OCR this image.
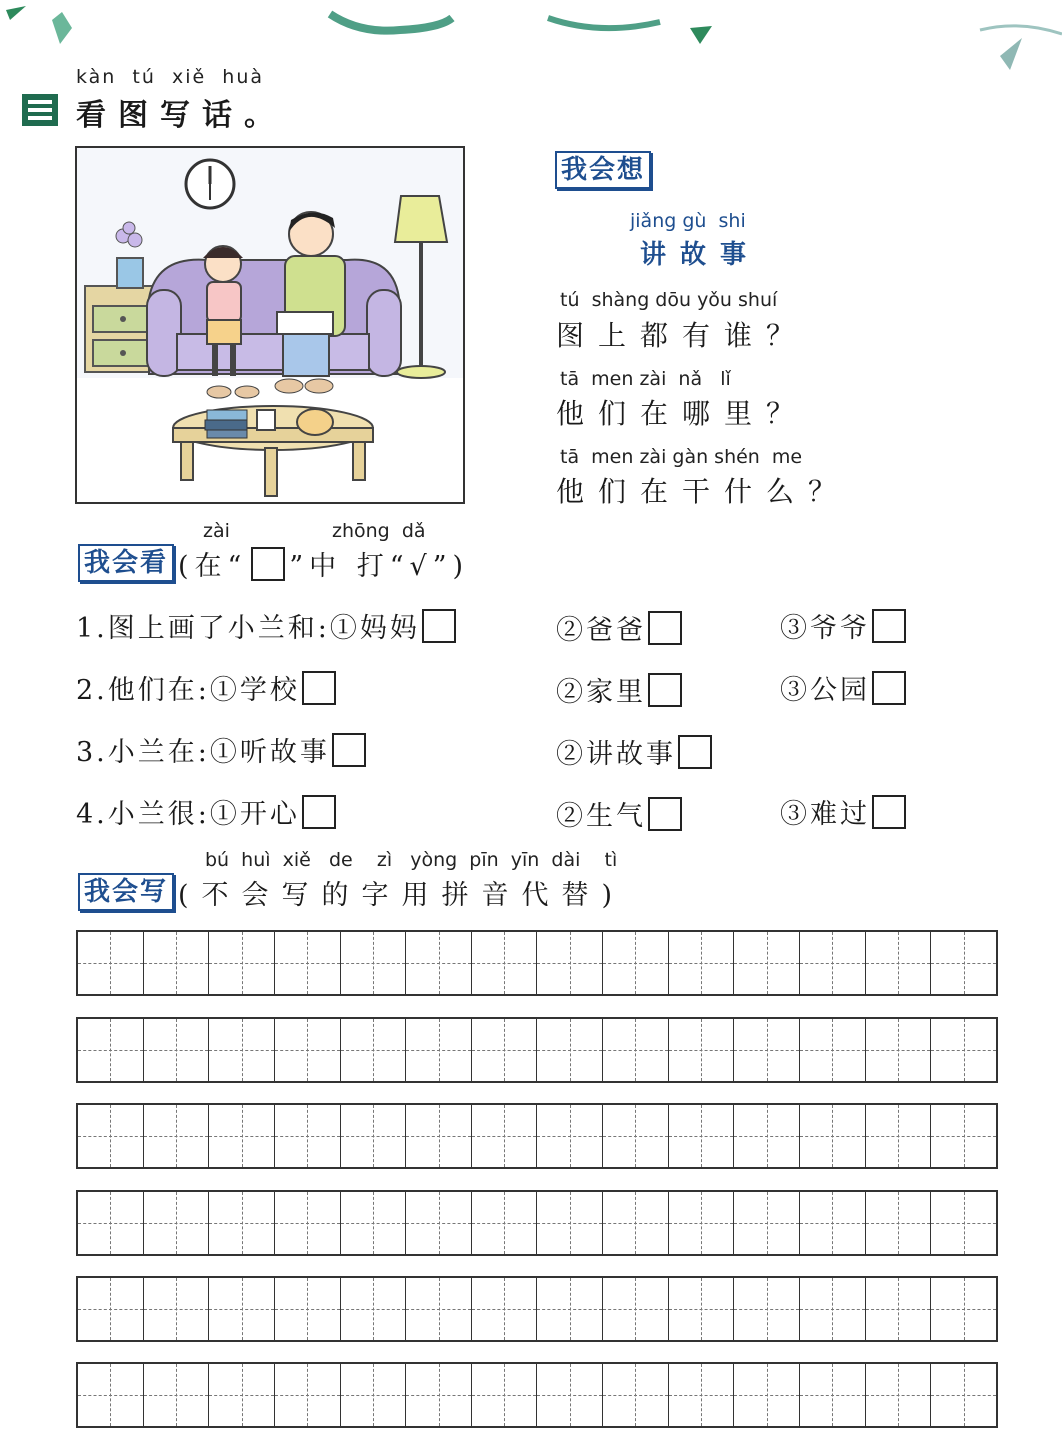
kàn  tú  xiě  huà
看图写话。
我会想
jiǎng gù  shi
讲故事
tú  shàng dōu yǒu shuí
图上都有谁？
tā  men zài  nǎ   lǐ
他们在哪里？
tā  men zài gàn shén  me
他们在干什么？
zài	zhōng  dǎ
我会看 (在“ ”中 打“√”)
1.图上画了小兰和:①妈妈	②爸爸	③爷爷
2.他们在:①学校	②家里	③公园
3.小兰在:①听故事	②讲故事
4.小兰很:①开心	②生气	③难过
bú  huì  xiě   de    zì   yòng  pīn  yīn  dài    tì
我会写 (不会写的字用拼音代替)
